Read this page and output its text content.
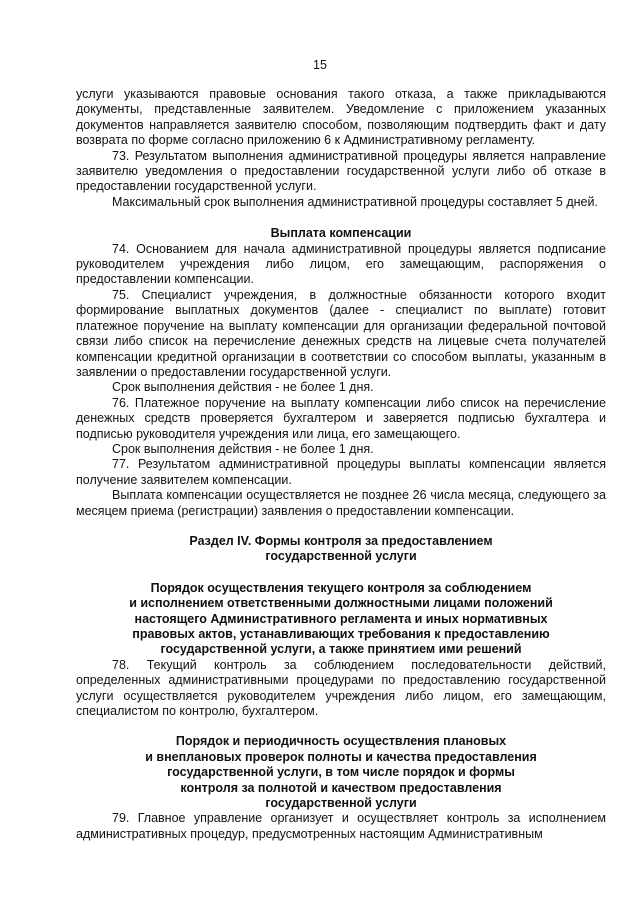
15

услуги указываются правовые основания такого отказа, а также прикладываются документы, представленные заявителем. Уведомление с приложением указанных документов направляется заявителю способом, позволяющим подтвердить факт и дату возврата по форме согласно приложению 6 к Административному регламенту.

73. Результатом выполнения административной процедуры является направление заявителю уведомления о предоставлении государственной услуги либо об отказе в предоставлении государственной услуги.

Максимальный срок выполнения административной процедуры составляет 5 дней.

Выплата компенсации

74. Основанием для начала административной процедуры является подписание руководителем учреждения либо лицом, его замещающим, распоряжения о предоставлении компенсации.

75. Специалист учреждения, в должностные обязанности которого входит формирование выплатных документов (далее - специалист по выплате) готовит платежное поручение на выплату компенсации для организации федеральной почтовой связи либо список на перечисление денежных средств на лицевые счета получателей компенсации кредитной организации в соответствии со способом выплаты, указанным в заявлении о предоставлении государственной услуги.

Срок выполнения действия - не более 1 дня.

76. Платежное поручение на выплату компенсации либо список на перечисление денежных средств проверяется бухгалтером и заверяется подписью бухгалтера и подписью руководителя учреждения или лица, его замещающего.

Срок выполнения действия - не более 1 дня.

77. Результатом административной процедуры выплаты компенсации является получение заявителем компенсации.

Выплата компенсации осуществляется не позднее 26 числа месяца, следующего за месяцем приема (регистрации) заявления о предоставлении компенсации.

Раздел IV. Формы контроля за предоставлением
государственной услуги
Порядок осуществления текущего контроля за соблюдением
и исполнением ответственными должностными лицами положений
настоящего Административного регламента и иных нормативных
правовых актов, устанавливающих требования к предоставлению
государственной услуги, а также принятием ими решений

78. Текущий контроль за соблюдением последовательности действий, определенных административными процедурами по предоставлению государственной услуги осуществляется руководителем учреждения либо лицом, его замещающим, специалистом по контролю, бухгалтером.

Порядок и периодичность осуществления плановых
и внеплановых проверок полноты и качества предоставления
государственной услуги, в том числе порядок и формы
контроля за полнотой и качеством предоставления
государственной услуги

79. Главное управление организует и осуществляет контроль за исполнением административных процедур, предусмотренных настоящим Административным
